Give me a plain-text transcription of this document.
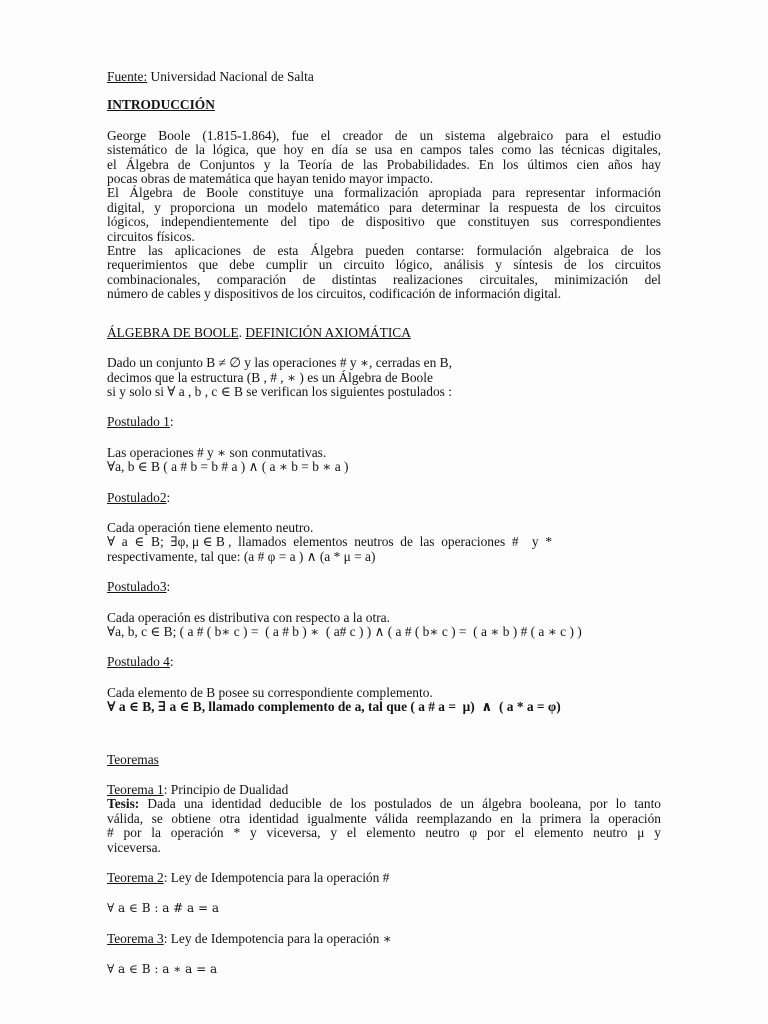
Fuente: Universidad Nacional de Salta
INTRODUCCIÓN
George Boole (1.815-1.864), fue el creador de un sistema algebraico para el estudio
sistemático de la lógica, que hoy en día se usa en campos tales como las técnicas digitales,
el Álgebra de Conjuntos y la Teoría de las Probabilidades. En los últimos cien años hay
pocas obras de matemática que hayan tenido mayor impacto.
El Álgebra de Boole constituye una formalización apropiada para representar información
digital, y proporciona un modelo matemático para determinar la respuesta de los circuitos
lógicos, independientemente del tipo de dispositivo que constituyen sus correspondientes
circuitos físicos.
Entre las aplicaciones de esta Álgebra pueden contarse: formulación algebraica de los
requerimientos que debe cumplir un circuito lógico, análisis y síntesis de los circuitos
combinacionales, comparación de distintas realizaciones circuitales, minimización del
número de cables y dispositivos de los circuitos, codificación de información digital.
ÁLGEBRA DE BOOLE. DEFINICIÓN AXIOMÁTICA
Dado un conjunto B ≠ ∅ y las operaciones # y ∗, cerradas en B,
decimos que la estructura (B , # , ∗ ) es un Álgebra de Boole
si y solo si ∀ a , b , c ∈ B se verifican los siguientes postulados :
Postulado 1:
Las operaciones # y ∗ son conmutativas.
∀a, b ∈ B ( a # b = b # a ) ∧ ( a ∗ b = b ∗ a )
Postulado2:
Cada operación tiene elemento neutro.
∀  a  ∈  B;  ∃φ, μ ∈ B ,  llamados  elementos  neutros  de  las  operaciones  #    y  *
respectivamente, tal que: (a # φ = a ) ∧ (a * μ = a)
Postulado3:
Cada operación es distributiva con respecto a la otra.
∀a, b, c ∈ B; ( a # ( b∗ c ) =  ( a # b ) ∗  ( a# c ) ) ∧ ( a # ( b∗ c ) =  ( a ∗ b ) # ( a ∗ c ) )
Postulado 4:
Cada elemento de B posee su correspondiente complemento.
∀ a ∈ B, ∃ a ∈ B, llamado complemento de a, tal que ( a # a =  μ)  ∧  ( a * a = φ)
Teoremas
Teorema 1: Principio de Dualidad
Tesis: Dada una identidad deducible de los postulados de un álgebra booleana, por lo tanto
válida, se obtiene otra identidad igualmente válida reemplazando en la primera la operación
# por la operación * y viceversa, y el elemento neutro φ por el elemento neutro μ y
viceversa.
Teorema 2: Ley de Idempotencia para la operación #
∀ a ∈ B : a # a = a
Teorema 3: Ley de Idempotencia para la operación ∗
∀ a ∈ B : a ∗ a = a
